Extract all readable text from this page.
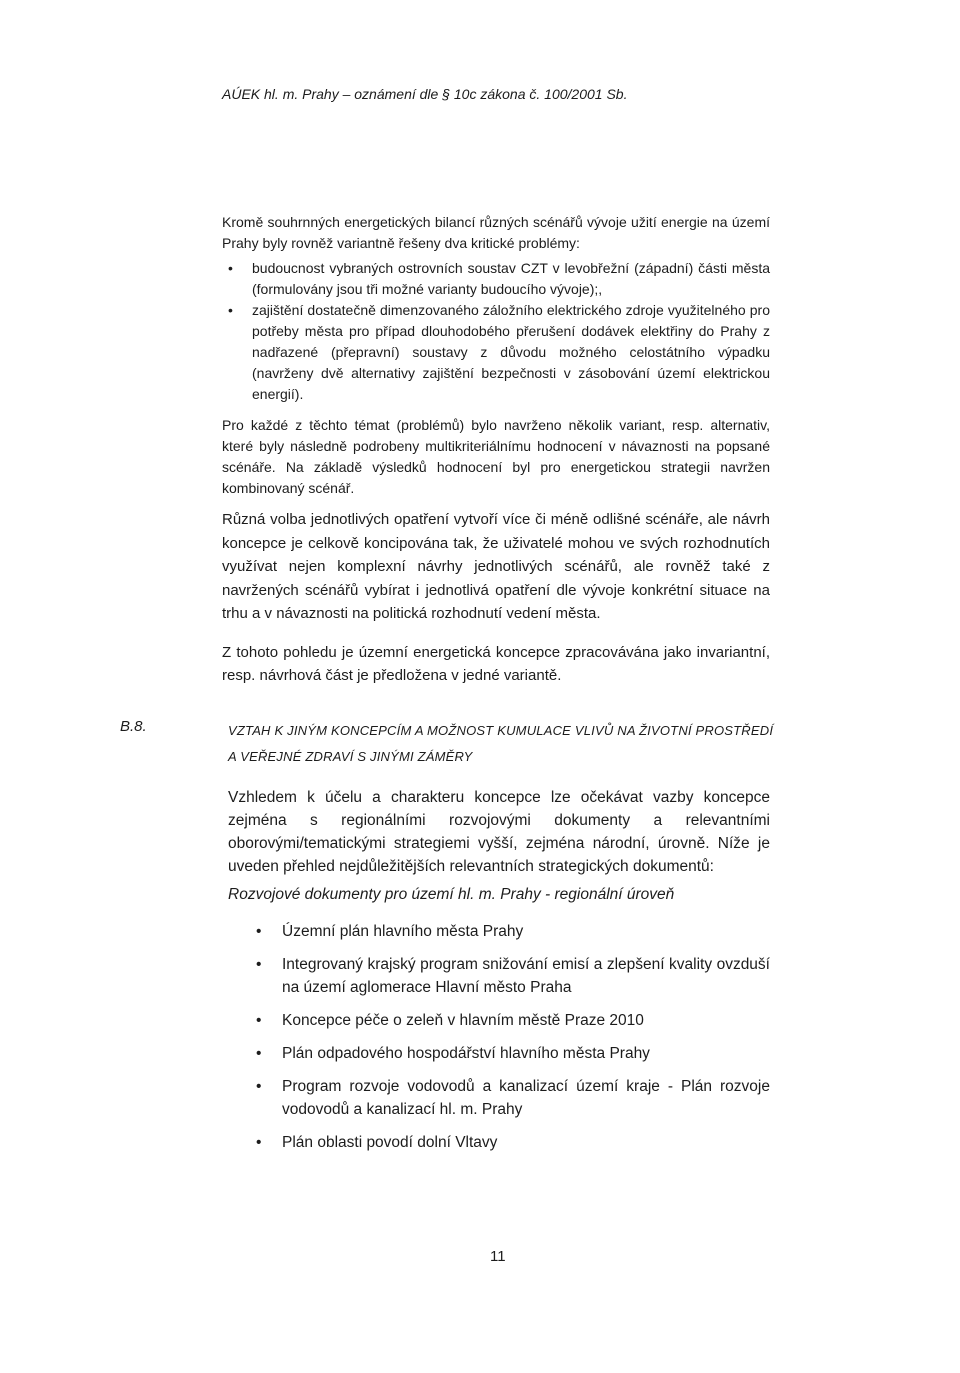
AÚEK hl. m. Prahy – oznámení dle § 10c zákona č. 100/2001 Sb.

Kromě souhrnných energetických bilancí různých scénářů vývoje užití energie na území Prahy byly rovněž variantně řešeny dva kritické problémy:

• budoucnost vybraných ostrovních soustav CZT v levobřežní (západní) části města (formulovány jsou tři možné varianty budoucího vývoje);,
• zajištění dostatečně dimenzovaného záložního elektrického zdroje využitelného pro potřeby města pro případ dlouhodobého přerušení dodávek elektřiny do Prahy z nadřazené (přepravní) soustavy z důvodu možného celostátního výpadku (navrženy dvě alternativy zajištění bezpečnosti v zásobování území elektrickou energií).

Pro každé z těchto témat (problémů) bylo navrženo několik variant, resp. alternativ, které byly následně podrobeny multikriteriálnímu hodnocení v návaznosti na popsané scénáře. Na základě výsledků hodnocení byl pro energetickou strategii navržen kombinovaný scénář.

Různá volba jednotlivých opatření vytvoří více či méně odlišné scénáře, ale návrh koncepce je celkově koncipována tak, že uživatelé mohou ve svých rozhodnutích využívat nejen komplexní návrhy jednotlivých scénářů, ale rovněž také z navržených scénářů vybírat i jednotlivá opatření dle vývoje konkrétní situace na trhu a v návaznosti na politická rozhodnutí vedení města.

Z tohoto pohledu je územní energetická koncepce zpracovávána jako invariantní, resp. návrhová část je předložena v jedné variantě.

B.8.	VZTAH K JINÝM KONCEPCÍM A MOŽNOST KUMULACE VLIVŮ NA ŽIVOTNÍ PROSTŘEDÍ
A VEŘEJNÉ ZDRAVÍ S JINÝMI ZÁMĚRY
Vzhledem k účelu a charakteru koncepce lze očekávat vazby koncepce zejména s regionálními rozvojovými dokumenty a relevantními oborovými/tematickými strategiemi vyšší, zejména národní, úrovně. Níže je uveden přehled nejdůležitějších relevantních strategických dokumentů:
Rozvojové dokumenty pro území hl. m. Prahy - regionální úroveň
• Územní plán hlavního města Prahy
• Integrovaný krajský program snižování emisí a zlepšení kvality ovzduší na území aglomerace Hlavní město Praha
• Koncepce péče o zeleň v hlavním městě Praze 2010
• Plán odpadového hospodářství hlavního města Prahy
• Program rozvoje vodovodů a kanalizací území kraje - Plán rozvoje vodovodů a kanalizací hl. m. Prahy
• Plán oblasti povodí dolní Vltavy
11
